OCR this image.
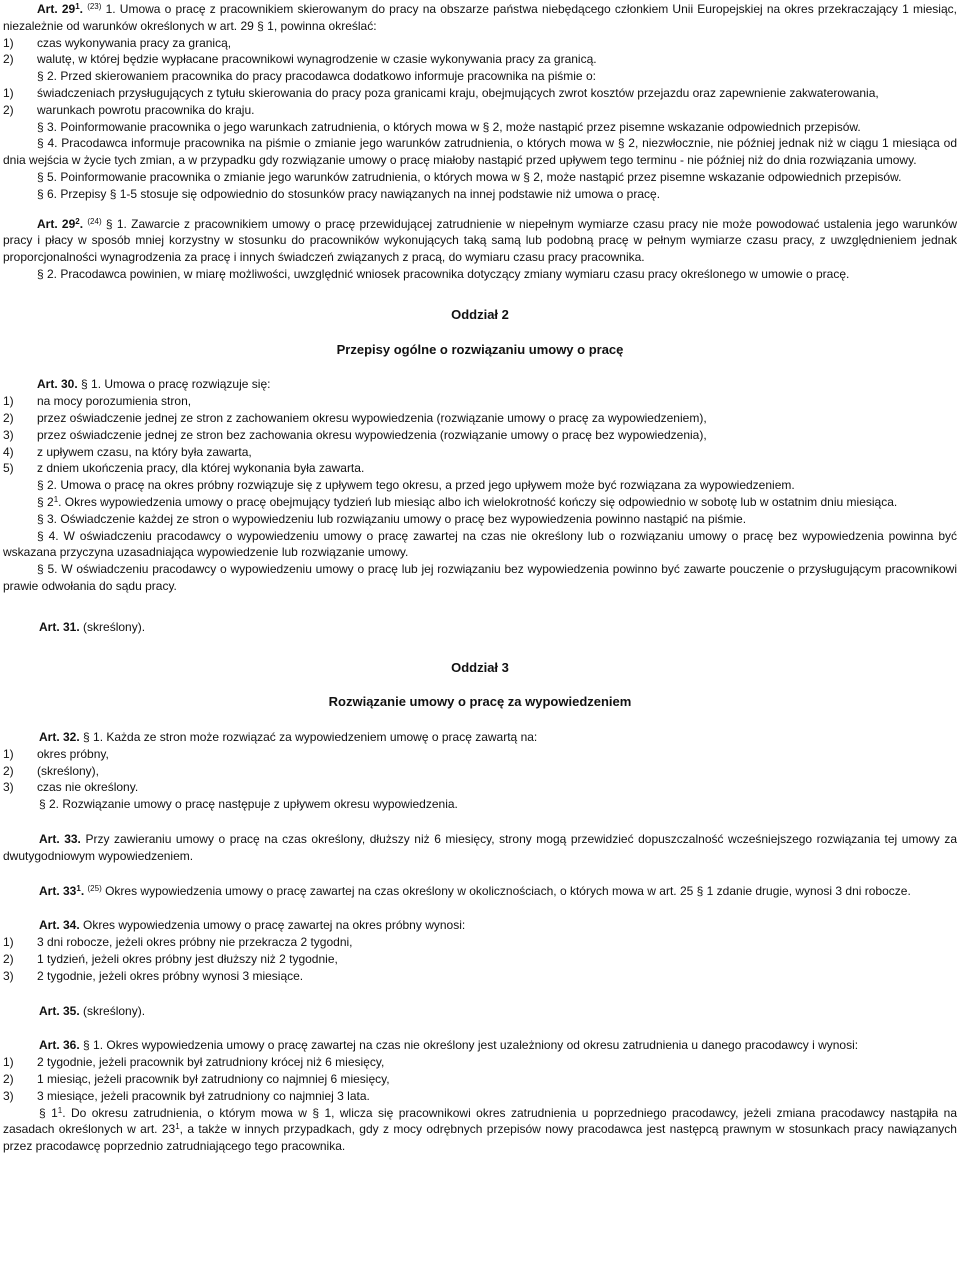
Art. $29^1$. $^{(23)}$ 1. Umowa o pracę z pracownikiem skierowanym do pracy na obszarze państwa niebędącego członkiem Unii Europejskiej na okres przekraczający 1 miesiąc, niezależnie od warunków określonych w art. 29 § 1, powinna określać:

1) czas wykonywania pracy za granicą,

2) walutę, w której będzie wypłacane pracownikowi wynagrodzenie w czasie wykonywania pracy za granicą.

§ 2. Przed skierowaniem pracownika do pracy pracodawca dodatkowo informuje pracownika na piśmie o:

1) świadczeniach przysługujących z tytułu skierowania do pracy poza granicami kraju, obejmujących zwrot kosztów przejazdu oraz zapewnienie zakwaterowania,

2) warunkach powrotu pracownika do kraju.

§ 3. Poinformowanie pracownika o jego warunkach zatrudnienia, o których mowa w § 2, może nastąpić przez pisemne wskazanie odpowiednich przepisów.

§ 4. Pracodawca informuje pracownika na piśmie o zmianie jego warunków zatrudnienia, o których mowa w § 2, niezwłocznie, nie później jednak niż w ciągu 1 miesiąca od dnia wejścia w życie tych zmian, a w przypadku gdy rozwiązanie umowy o pracę miałoby nastąpić przed upływem tego terminu - nie później niż do dnia rozwiązania umowy.

§ 5. Poinformowanie pracownika o zmianie jego warunków zatrudnienia, o których mowa w § 2, może nastąpić przez pisemne wskazanie odpowiednich przepisów.

§ 6. Przepisy § 1-5 stosuje się odpowiednio do stosunków pracy nawiązanych na innej podstawie niż umowa o pracę.

Art. $29^2$. $^{(24)}$ § 1. Zawarcie z pracownikiem umowy o pracę przewidującej zatrudnienie w niepełnym wymiarze czasu pracy nie może powodować ustalenia jego warunków pracy i płacy w sposób mniej korzystny w stosunku do pracowników wykonujących taką samą lub podobną pracę w pełnym wymiarze czasu pracy, z uwzględnieniem jednak proporcjonalności wynagrodzenia za pracę i innych świadczeń związanych z pracą, do wymiaru czasu pracy pracownika.

§ 2. Pracodawca powinien, w miarę możliwości, uwzględnić wniosek pracownika dotyczący zmiany wymiaru czasu pracy określonego w umowie o pracę.

Oddział 2

Przepisy ogólne o rozwiązaniu umowy o pracę

Art. 30. § 1. Umowa o pracę rozwiązuje się:

1) na mocy porozumienia stron,

2) przez oświadczenie jednej ze stron z zachowaniem okresu wypowiedzenia (rozwiązanie umowy o pracę za wypowiedzeniem),

3) przez oświadczenie jednej ze stron bez zachowania okresu wypowiedzenia (rozwiązanie umowy o pracę bez wypowiedzenia),

4) z upływem czasu, na który była zawarta,

5) z dniem ukończenia pracy, dla której wykonania była zawarta.

§ 2. Umowa o pracę na okres próbny rozwiązuje się z upływem tego okresu, a przed jego upływem może być rozwiązana za wypowiedzeniem.

§ $2^1$. Okres wypowiedzenia umowy o pracę obejmujący tydzień lub miesiąc albo ich wielokrotność kończy się odpowiednio w sobotę lub w ostatnim dniu miesiąca.

§ 3. Oświadczenie każdej ze stron o wypowiedzeniu lub rozwiązaniu umowy o pracę bez wypowiedzenia powinno nastąpić na piśmie.

§ 4. W oświadczeniu pracodawcy o wypowiedzeniu umowy o pracę zawartej na czas nie określony lub o rozwiązaniu umowy o pracę bez wypowiedzenia powinna być wskazana przyczyna uzasadniająca wypowiedzenie lub rozwiązanie umowy.

§ 5. W oświadczeniu pracodawcy o wypowiedzeniu umowy o pracę lub jej rozwiązaniu bez wypowiedzenia powinno być zawarte pouczenie o przysługującym pracownikowi prawie odwołania do sądu pracy.

Art. 31. (skreślony).

Oddział 3

Rozwiązanie umowy o pracę za wypowiedzeniem

Art. 32. § 1. Każda ze stron może rozwiązać za wypowiedzeniem umowę o pracę zawartą na:

1) okres próbny,

2) (skreślony),

3) czas nie określony.

§ 2. Rozwiązanie umowy o pracę następuje z upływem okresu wypowiedzenia.

Art. 33. Przy zawieraniu umowy o pracę na czas określony, dłuższy niż 6 miesięcy, strony mogą przewidzieć dopuszczalność wcześniejszego rozwiązania tej umowy za dwutygodniowym wypowiedzeniem.

Art. $33^1$. $^{(25)}$ Okres wypowiedzenia umowy o pracę zawartej na czas określony w okolicznościach, o których mowa w art. 25 § 1 zdanie drugie, wynosi 3 dni robocze.

Art. 34. Okres wypowiedzenia umowy o pracę zawartej na okres próbny wynosi:

1) 3 dni robocze, jeżeli okres próbny nie przekracza 2 tygodni,

2) 1 tydzień, jeżeli okres próbny jest dłuższy niż 2 tygodnie,

3) 2 tygodnie, jeżeli okres próbny wynosi 3 miesiące.

Art. 35. (skreślony).

Art. 36. § 1. Okres wypowiedzenia umowy o pracę zawartej na czas nie określony jest uzależniony od okresu zatrudnienia u danego pracodawcy i wynosi:

1) 2 tygodnie, jeżeli pracownik był zatrudniony krócej niż 6 miesięcy,

2) 1 miesiąc, jeżeli pracownik był zatrudniony co najmniej 6 miesięcy,

3) 3 miesiące, jeżeli pracownik był zatrudniony co najmniej 3 lata.

§ $1^1$. Do okresu zatrudnienia, o którym mowa w § 1, wlicza się pracownikowi okres zatrudnienia u poprzedniego pracodawcy, jeżeli zmiana pracodawcy nastąpiła na zasadach określonych w art. $23^1$, a także w innych przypadkach, gdy z mocy odrębnych przepisów nowy pracodawca jest następcą prawnym w stosunkach pracy nawiązanych przez pracodawcę poprzednio zatrudniającego tego pracownika.
